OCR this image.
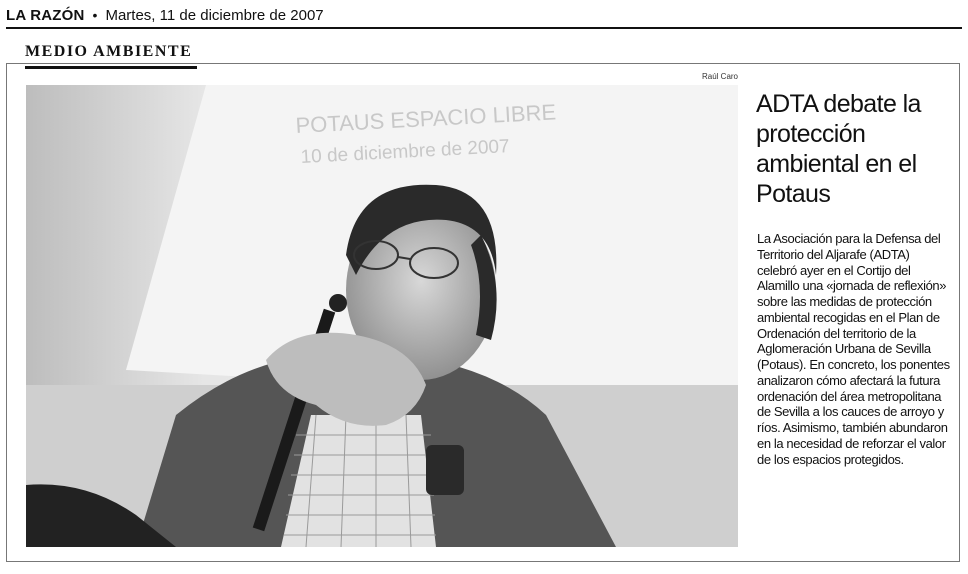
LA RAZÓN • Martes, 11 de diciembre de 2007
MEDIO AMBIENTE
Raúl Caro
POTAUS ESPACIO LIBRE
10 de diciembre de 2007
ADTA debate la protección ambiental en el Potaus

La Asociación para la Defensa del Territorio del Aljarafe (ADTA) celebró ayer en el Cortijo del Alamillo una «jornada de reflexión» sobre las medidas de protección ambiental recogidas en el Plan de Ordenación del territorio de la Aglomeración Urbana de Sevilla (Potaus). En concreto, los ponentes analizaron cómo afectará la futura ordenación del área metropolitana de Sevilla a los cauces de arroyo y ríos. Asimismo, también abundaron en la necesidad de reforzar el valor de los espacios protegidos.
